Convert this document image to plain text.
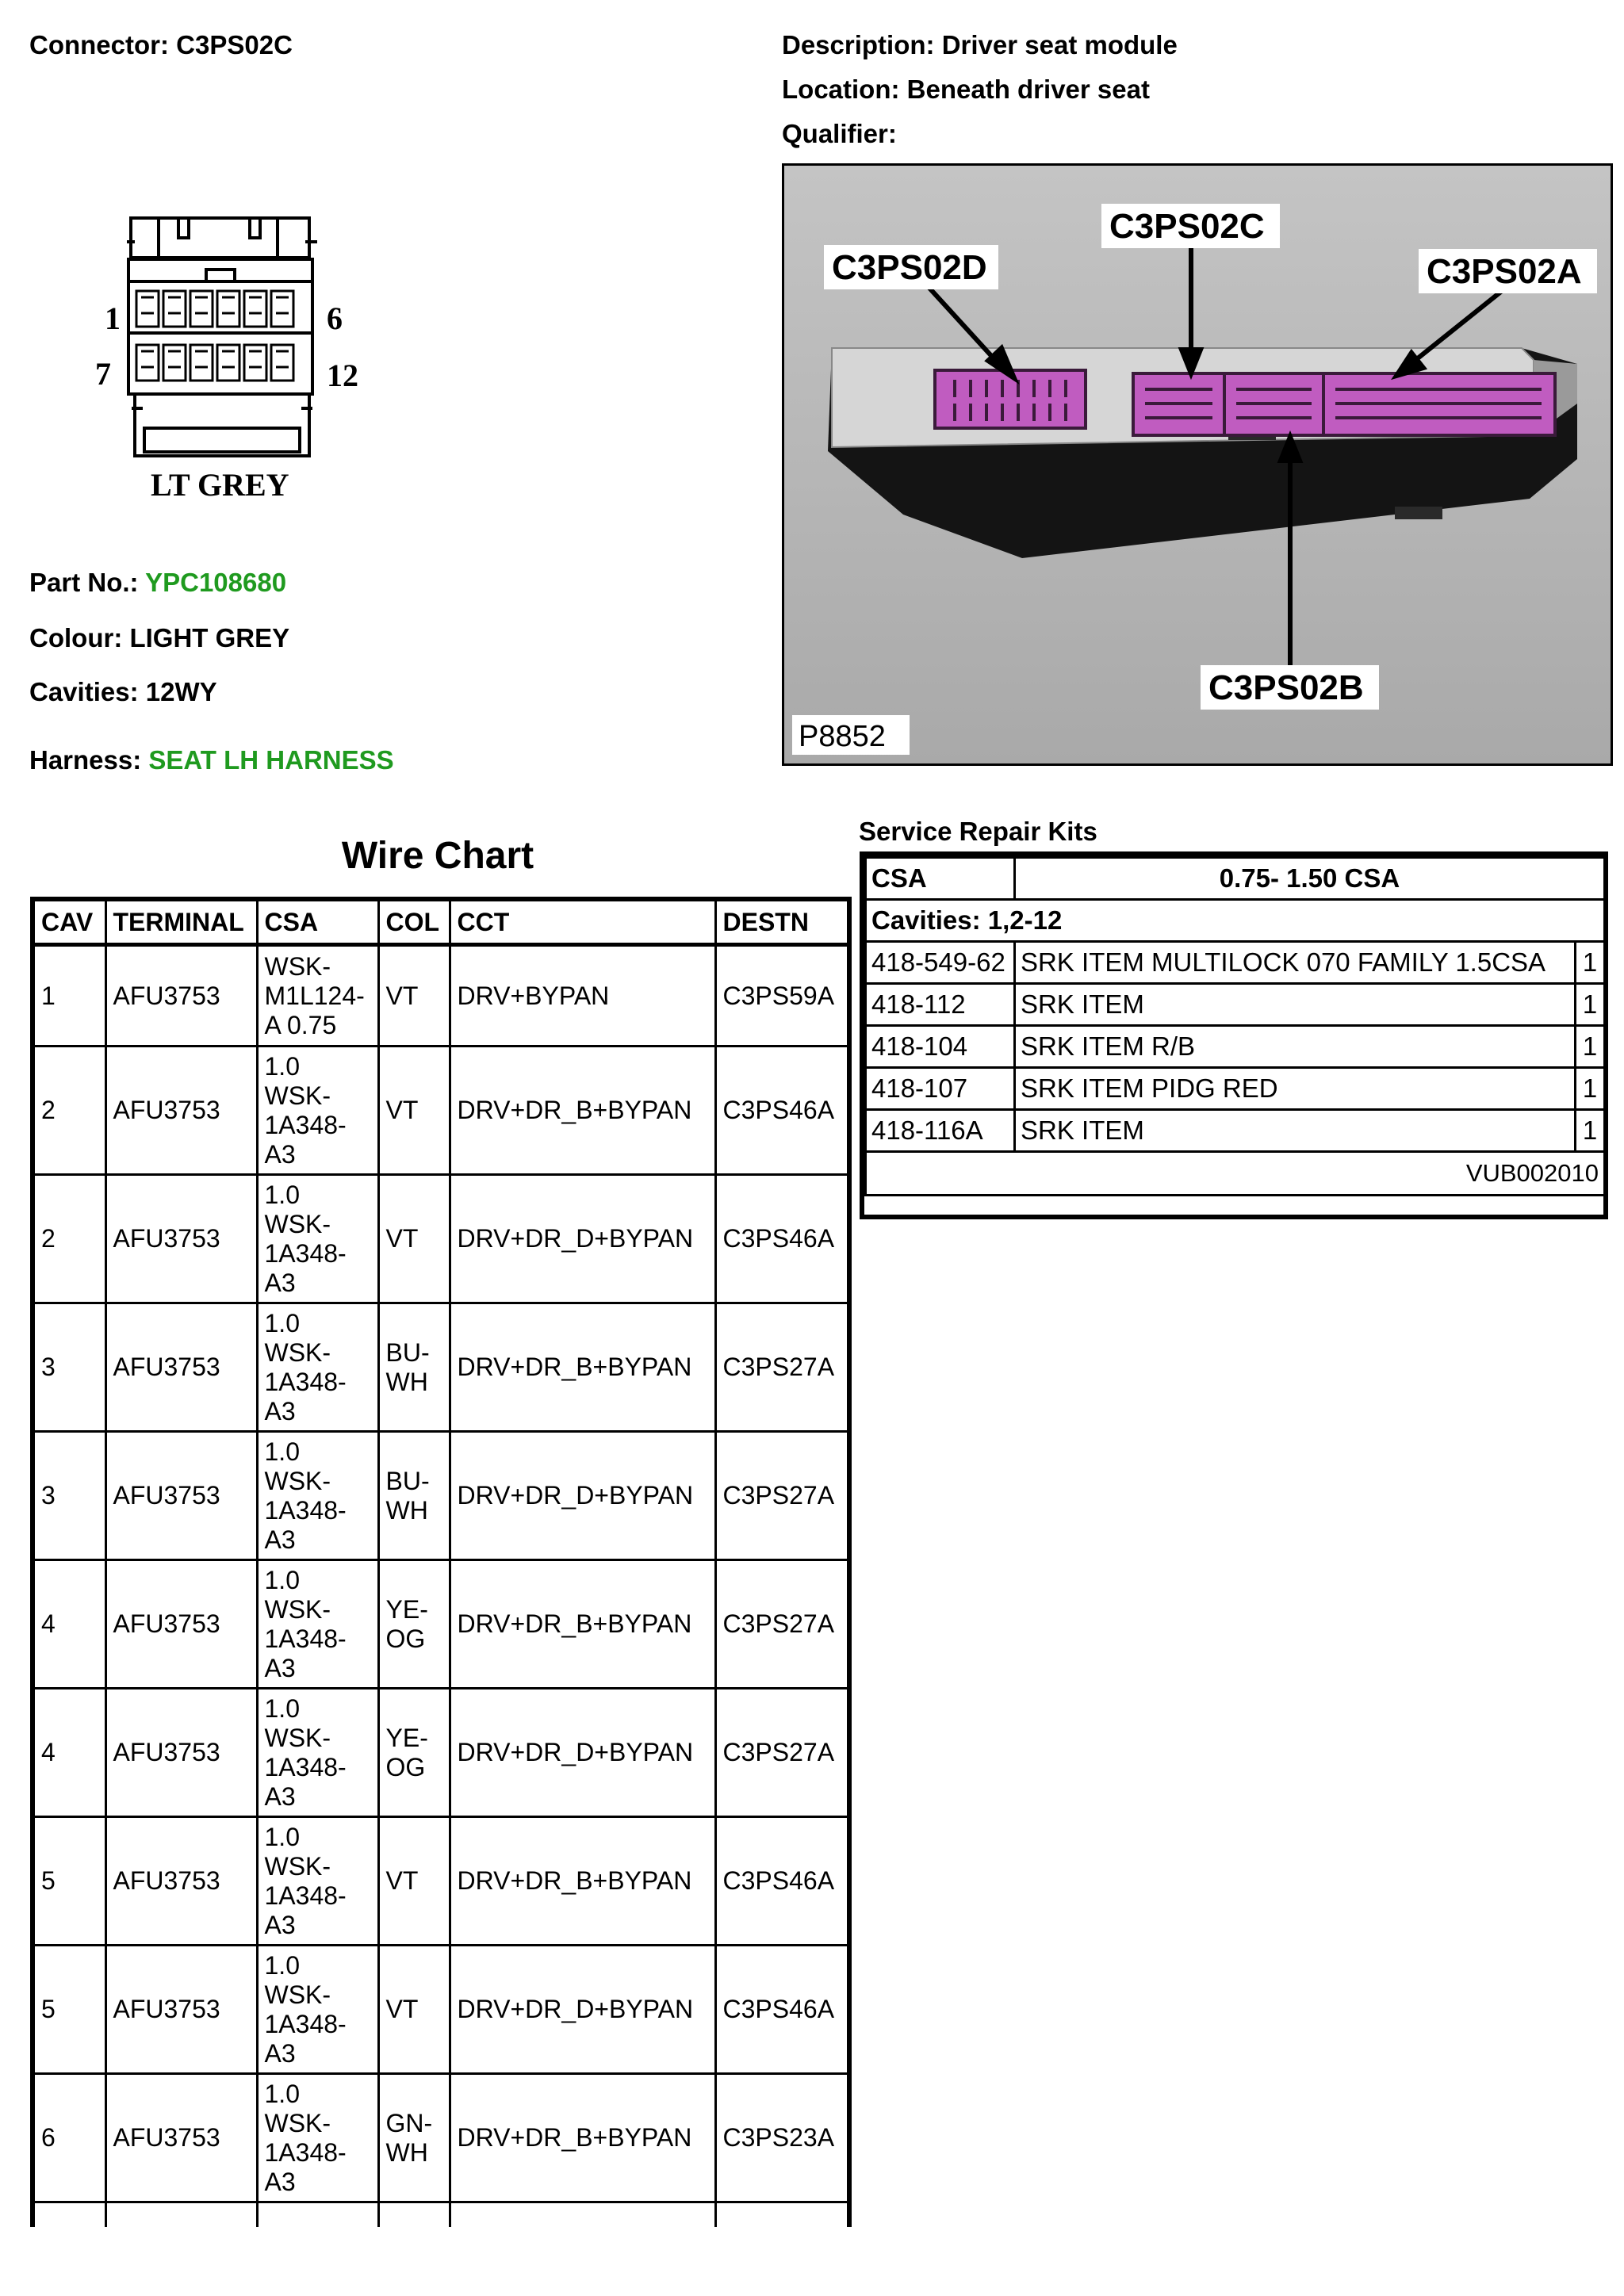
Connector: C3PS02C	Description: Driver seat module
Location: Beneath driver seat
Qualifier:
1	6
7	12
LT GREY
Part No.: YPC108680
Colour: LIGHT GREY
Cavities: 12WY
Harness: SEAT LH HARNESS
C3PS02D
C3PS02C
C3PS02A
C3PS02B
P8852
Wire Chart
CAV	TERMINAL	CSA	COL	CCT	DESTN
1	AFU3753	WSK-M1L124-A 0.75	VT	DRV+BYPAN	C3PS59A
2	AFU3753	1.0 WSK-1A348-A3	VT	DRV+DR_B+BYPAN	C3PS46A
2	AFU3753	1.0 WSK-1A348-A3	VT	DRV+DR_D+BYPAN	C3PS46A
3	AFU3753	1.0 WSK-1A348-A3	BU-WH	DRV+DR_B+BYPAN	C3PS27A
3	AFU3753	1.0 WSK-1A348-A3	BU-WH	DRV+DR_D+BYPAN	C3PS27A
4	AFU3753	1.0 WSK-1A348-A3	YE-OG	DRV+DR_B+BYPAN	C3PS27A
4	AFU3753	1.0 WSK-1A348-A3	YE-OG	DRV+DR_D+BYPAN	C3PS27A
5	AFU3753	1.0 WSK-1A348-A3	VT	DRV+DR_B+BYPAN	C3PS46A
5	AFU3753	1.0 WSK-1A348-A3	VT	DRV+DR_D+BYPAN	C3PS46A
6	AFU3753	1.0 WSK-1A348-A3	GN-WH	DRV+DR_B+BYPAN	C3PS23A

Service Repair Kits
CSA	0.75- 1.50 CSA	
Cavities: 1,2-12		
418-549-62	SRK ITEM MULTILOCK 070 FAMILY 1.5CSA	1
418-112	SRK ITEM	1
418-104	SRK ITEM R/B	1
418-107	SRK ITEM PIDG RED	1
418-116A	SRK ITEM	1
VUB002010		
